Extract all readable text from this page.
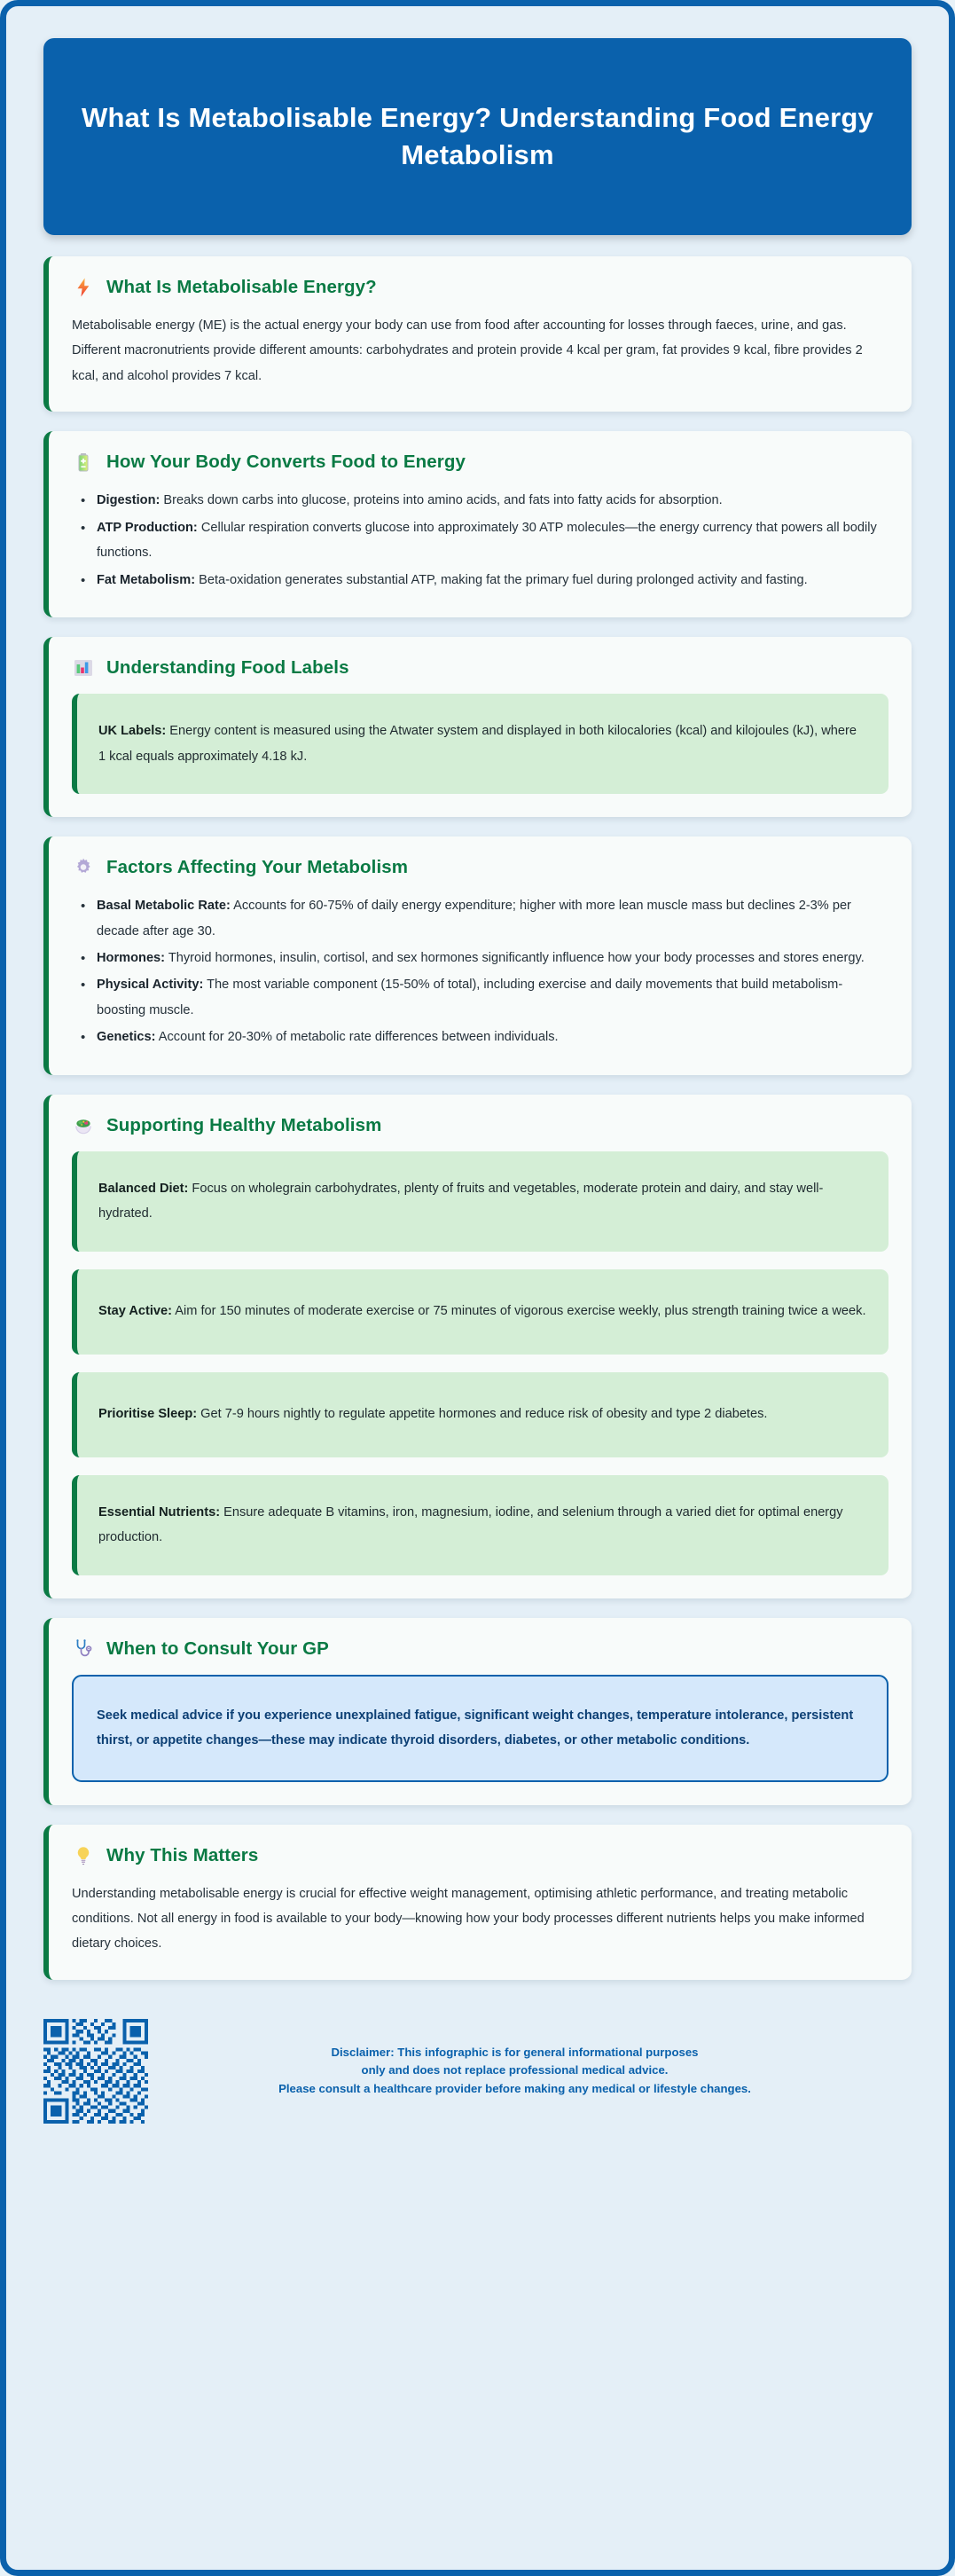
What Is Metabolisable Energy? Understanding Food Energy Metabolism
What Is Metabolisable Energy?

Metabolisable energy (ME) is the actual energy your body can use from food after accounting for losses through faeces, urine, and gas. Different macronutrients provide different amounts: carbohydrates and protein provide 4 kcal per gram, fat provides 9 kcal, fibre provides 2 kcal, and alcohol provides 7 kcal.

How Your Body Converts Food to Energy
• Digestion: Breaks down carbs into glucose, proteins into amino acids, and fats into fatty acids for absorption.
• ATP Production: Cellular respiration converts glucose into approximately 30 ATP molecules—the energy currency that powers all bodily functions.
• Fat Metabolism: Beta-oxidation generates substantial ATP, making fat the primary fuel during prolonged activity and fasting.
Understanding Food Labels

UK Labels: Energy content is measured using the Atwater system and displayed in both kilocalories (kcal) and kilojoules (kJ), where 1 kcal equals approximately 4.18 kJ.

Factors Affecting Your Metabolism
• Basal Metabolic Rate: Accounts for 60-75% of daily energy expenditure; higher with more lean muscle mass but declines 2-3% per decade after age 30.
• Hormones: Thyroid hormones, insulin, cortisol, and sex hormones significantly influence how your body processes and stores energy.
• Physical Activity: The most variable component (15-50% of total), including exercise and daily movements that build metabolism-boosting muscle.
• Genetics: Account for 20-30% of metabolic rate differences between individuals.
Supporting Healthy Metabolism

Balanced Diet: Focus on wholegrain carbohydrates, plenty of fruits and vegetables, moderate protein and dairy, and stay well-hydrated.

Stay Active: Aim for 150 minutes of moderate exercise or 75 minutes of vigorous exercise weekly, plus strength training twice a week.

Prioritise Sleep: Get 7-9 hours nightly to regulate appetite hormones and reduce risk of obesity and type 2 diabetes.

Essential Nutrients: Ensure adequate B vitamins, iron, magnesium, iodine, and selenium through a varied diet for optimal energy production.

When to Consult Your GP

Seek medical advice if you experience unexplained fatigue, significant weight changes, temperature intolerance, persistent thirst, or appetite changes—these may indicate thyroid disorders, diabetes, or other metabolic conditions.

Why This Matters

Understanding metabolisable energy is crucial for effective weight management, optimising athletic performance, and treating metabolic conditions. Not all energy in food is available to your body—knowing how your body processes different nutrients helps you make informed dietary choices.

Disclaimer: This infographic is for general informational purposes
only and does not replace professional medical advice.
Please consult a healthcare provider before making any medical or lifestyle changes.
